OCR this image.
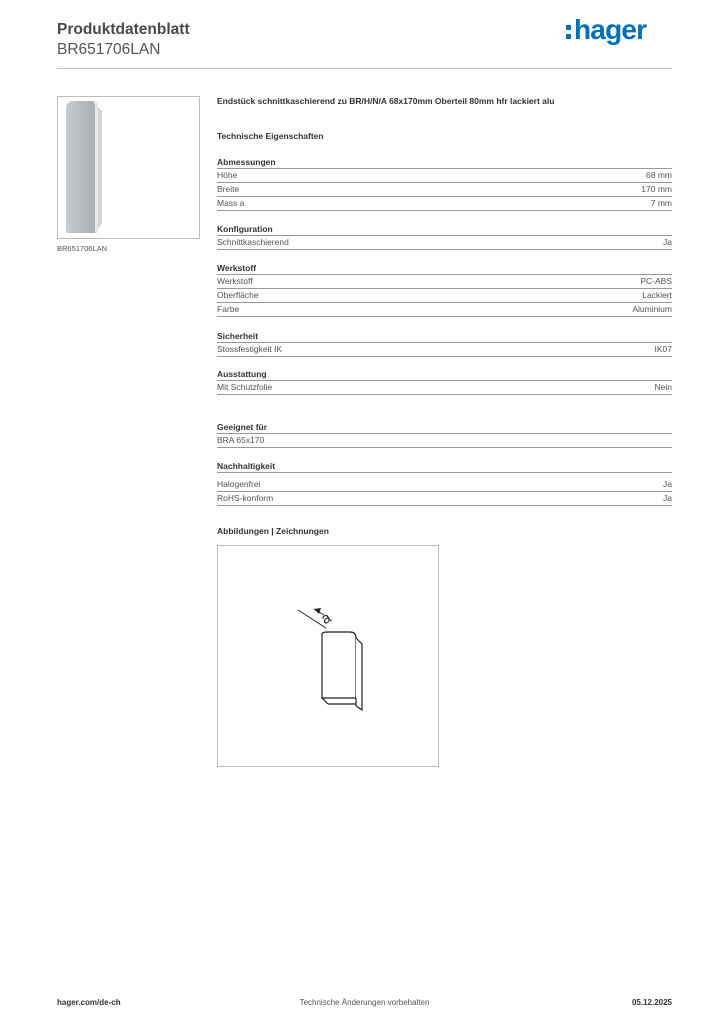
Produktdatenblatt
BR651706LAN
hager
BR651706LAN
Endstück schnittkaschierend zu BR/H/N/A 68x170mm Oberteil 80mm hfr lackiert alu
Technische Eigenschaften
Abmessungen
Höhe	68 mm
Breite	170 mm
Mass a	7 mm
Konfiguration
Schnittkaschierend	Ja
Werkstoff
Werkstoff	PC-ABS
Oberfläche	Lackiert
Farbe	Aluminium
Sicherheit
Stossfestigkeit IK	IK07
Ausstattung
Mit Schutzfolie	Nein
Geeignet für
BRA 65x170
Nachhaltigkeit
Halogenfrei	Ja
RoHS-konform	Ja
Abbildungen | Zeichnungen
a
hager.com/de-ch	Technische Änderungen vorbehalten	05.12.2025
